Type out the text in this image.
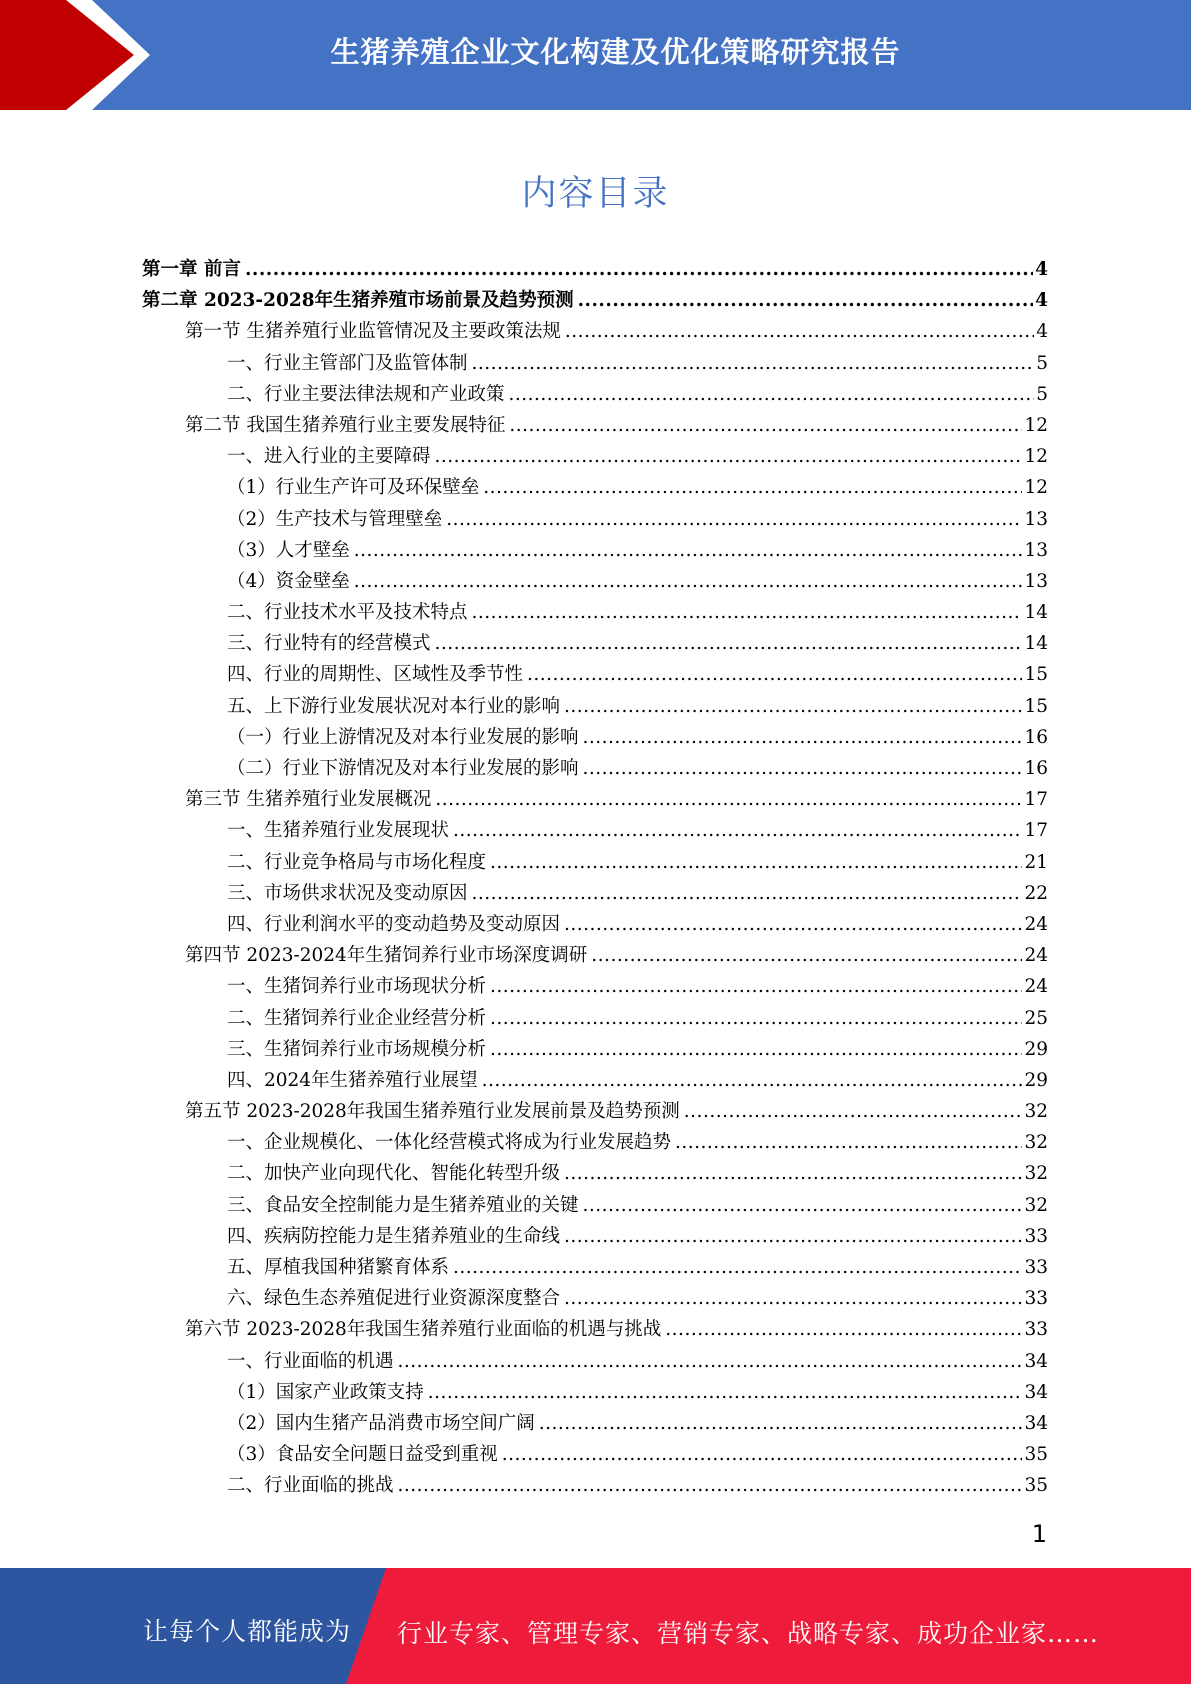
生猪养殖企业文化构建及优化策略研究报告
内容目录
第一章 前言 .....	4
第二章 2023-2028年生猪养殖市场前景及趋势预测 .....	4
第一节 生猪养殖行业监管情况及主要政策法规 .....	4
一、行业主管部门及监管体制 .....	5
二、行业主要法律法规和产业政策 .....	5
第二节 我国生猪养殖行业主要发展特征 .....	12
一、进入行业的主要障碍 .....	12
（1）行业生产许可及环保壁垒 .....	12
（2）生产技术与管理壁垒 .....	13
（3）人才壁垒 .....	13
（4）资金壁垒 .....	13
二、行业技术水平及技术特点 .....	14
三、行业特有的经营模式 .....	14
四、行业的周期性、区域性及季节性 .....	15
五、上下游行业发展状况对本行业的影响 .....	15
（一）行业上游情况及对本行业发展的影响 .....	16
（二）行业下游情况及对本行业发展的影响 .....	16
第三节 生猪养殖行业发展概况 .....	17
一、生猪养殖行业发展现状 .....	17
二、行业竞争格局与市场化程度 .....	21
三、市场供求状况及变动原因 .....	22
四、行业利润水平的变动趋势及变动原因 .....	24
第四节 2023-2024年生猪饲养行业市场深度调研 .....	24
一、生猪饲养行业市场现状分析 .....	24
二、生猪饲养行业企业经营分析 .....	25
三、生猪饲养行业市场规模分析 .....	29
四、2024年生猪养殖行业展望 .....	29
第五节 2023-2028年我国生猪养殖行业发展前景及趋势预测 .....	32
一、企业规模化、一体化经营模式将成为行业发展趋势 .....	32
二、加快产业向现代化、智能化转型升级 .....	32
三、食品安全控制能力是生猪养殖业的关键 .....	32
四、疾病防控能力是生猪养殖业的生命线 .....	33
五、厚植我国种猪繁育体系 .....	33
六、绿色生态养殖促进行业资源深度整合 .....	33
第六节 2023-2028年我国生猪养殖行业面临的机遇与挑战 .....	33
一、行业面临的机遇 .....	34
（1）国家产业政策支持 .....	34
（2）国内生猪产品消费市场空间广阔 .....	34
（3）食品安全问题日益受到重视 .....	35
二、行业面临的挑战 .....	35
1
让每个人都能成为 行业专家、管理专家、营销专家、战略专家、成功企业家……
